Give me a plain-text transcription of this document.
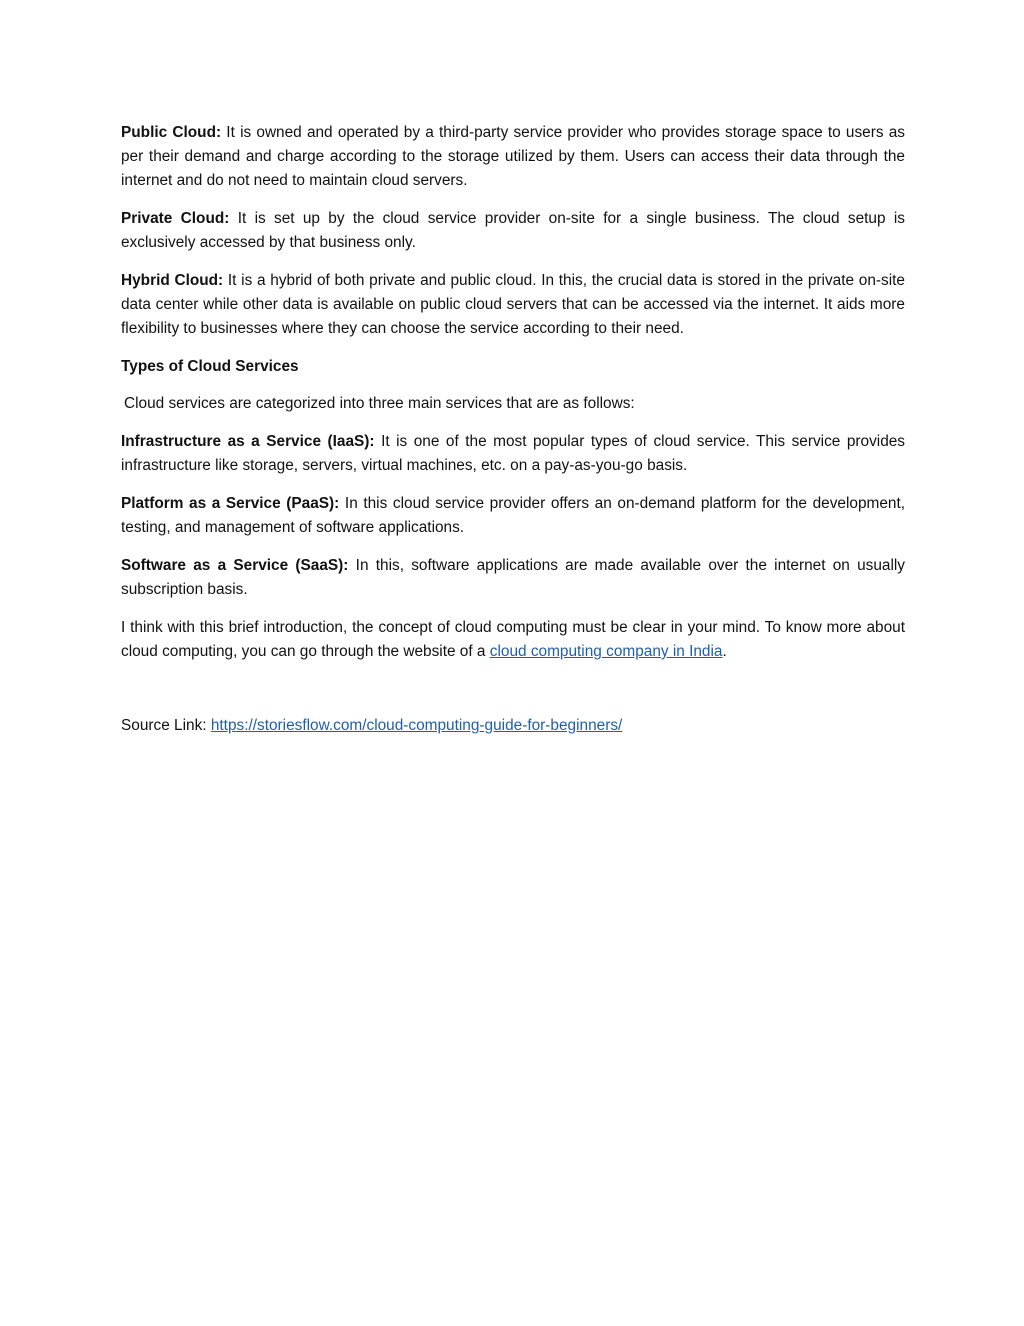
Public Cloud: It is owned and operated by a third-party service provider who provides storage space to users as per their demand and charge according to the storage utilized by them. Users can access their data through the internet and do not need to maintain cloud servers.

Private Cloud: It is set up by the cloud service provider on-site for a single business. The cloud setup is exclusively accessed by that business only.

Hybrid Cloud: It is a hybrid of both private and public cloud. In this, the crucial data is stored in the private on-site data center while other data is available on public cloud servers that can be accessed via the internet. It aids more flexibility to businesses where they can choose the service according to their need.

Types of Cloud Services

Cloud services are categorized into three main services that are as follows:

Infrastructure as a Service (IaaS): It is one of the most popular types of cloud service. This service provides infrastructure like storage, servers, virtual machines, etc. on a pay-as-you-go basis.

Platform as a Service (PaaS): In this cloud service provider offers an on-demand platform for the development, testing, and management of software applications.

Software as a Service (SaaS): In this, software applications are made available over the internet on usually subscription basis.

I think with this brief introduction, the concept of cloud computing must be clear in your mind. To know more about cloud computing, you can go through the website of a cloud computing company in India.

Source Link: https://storiesflow.com/cloud-computing-guide-for-beginners/
